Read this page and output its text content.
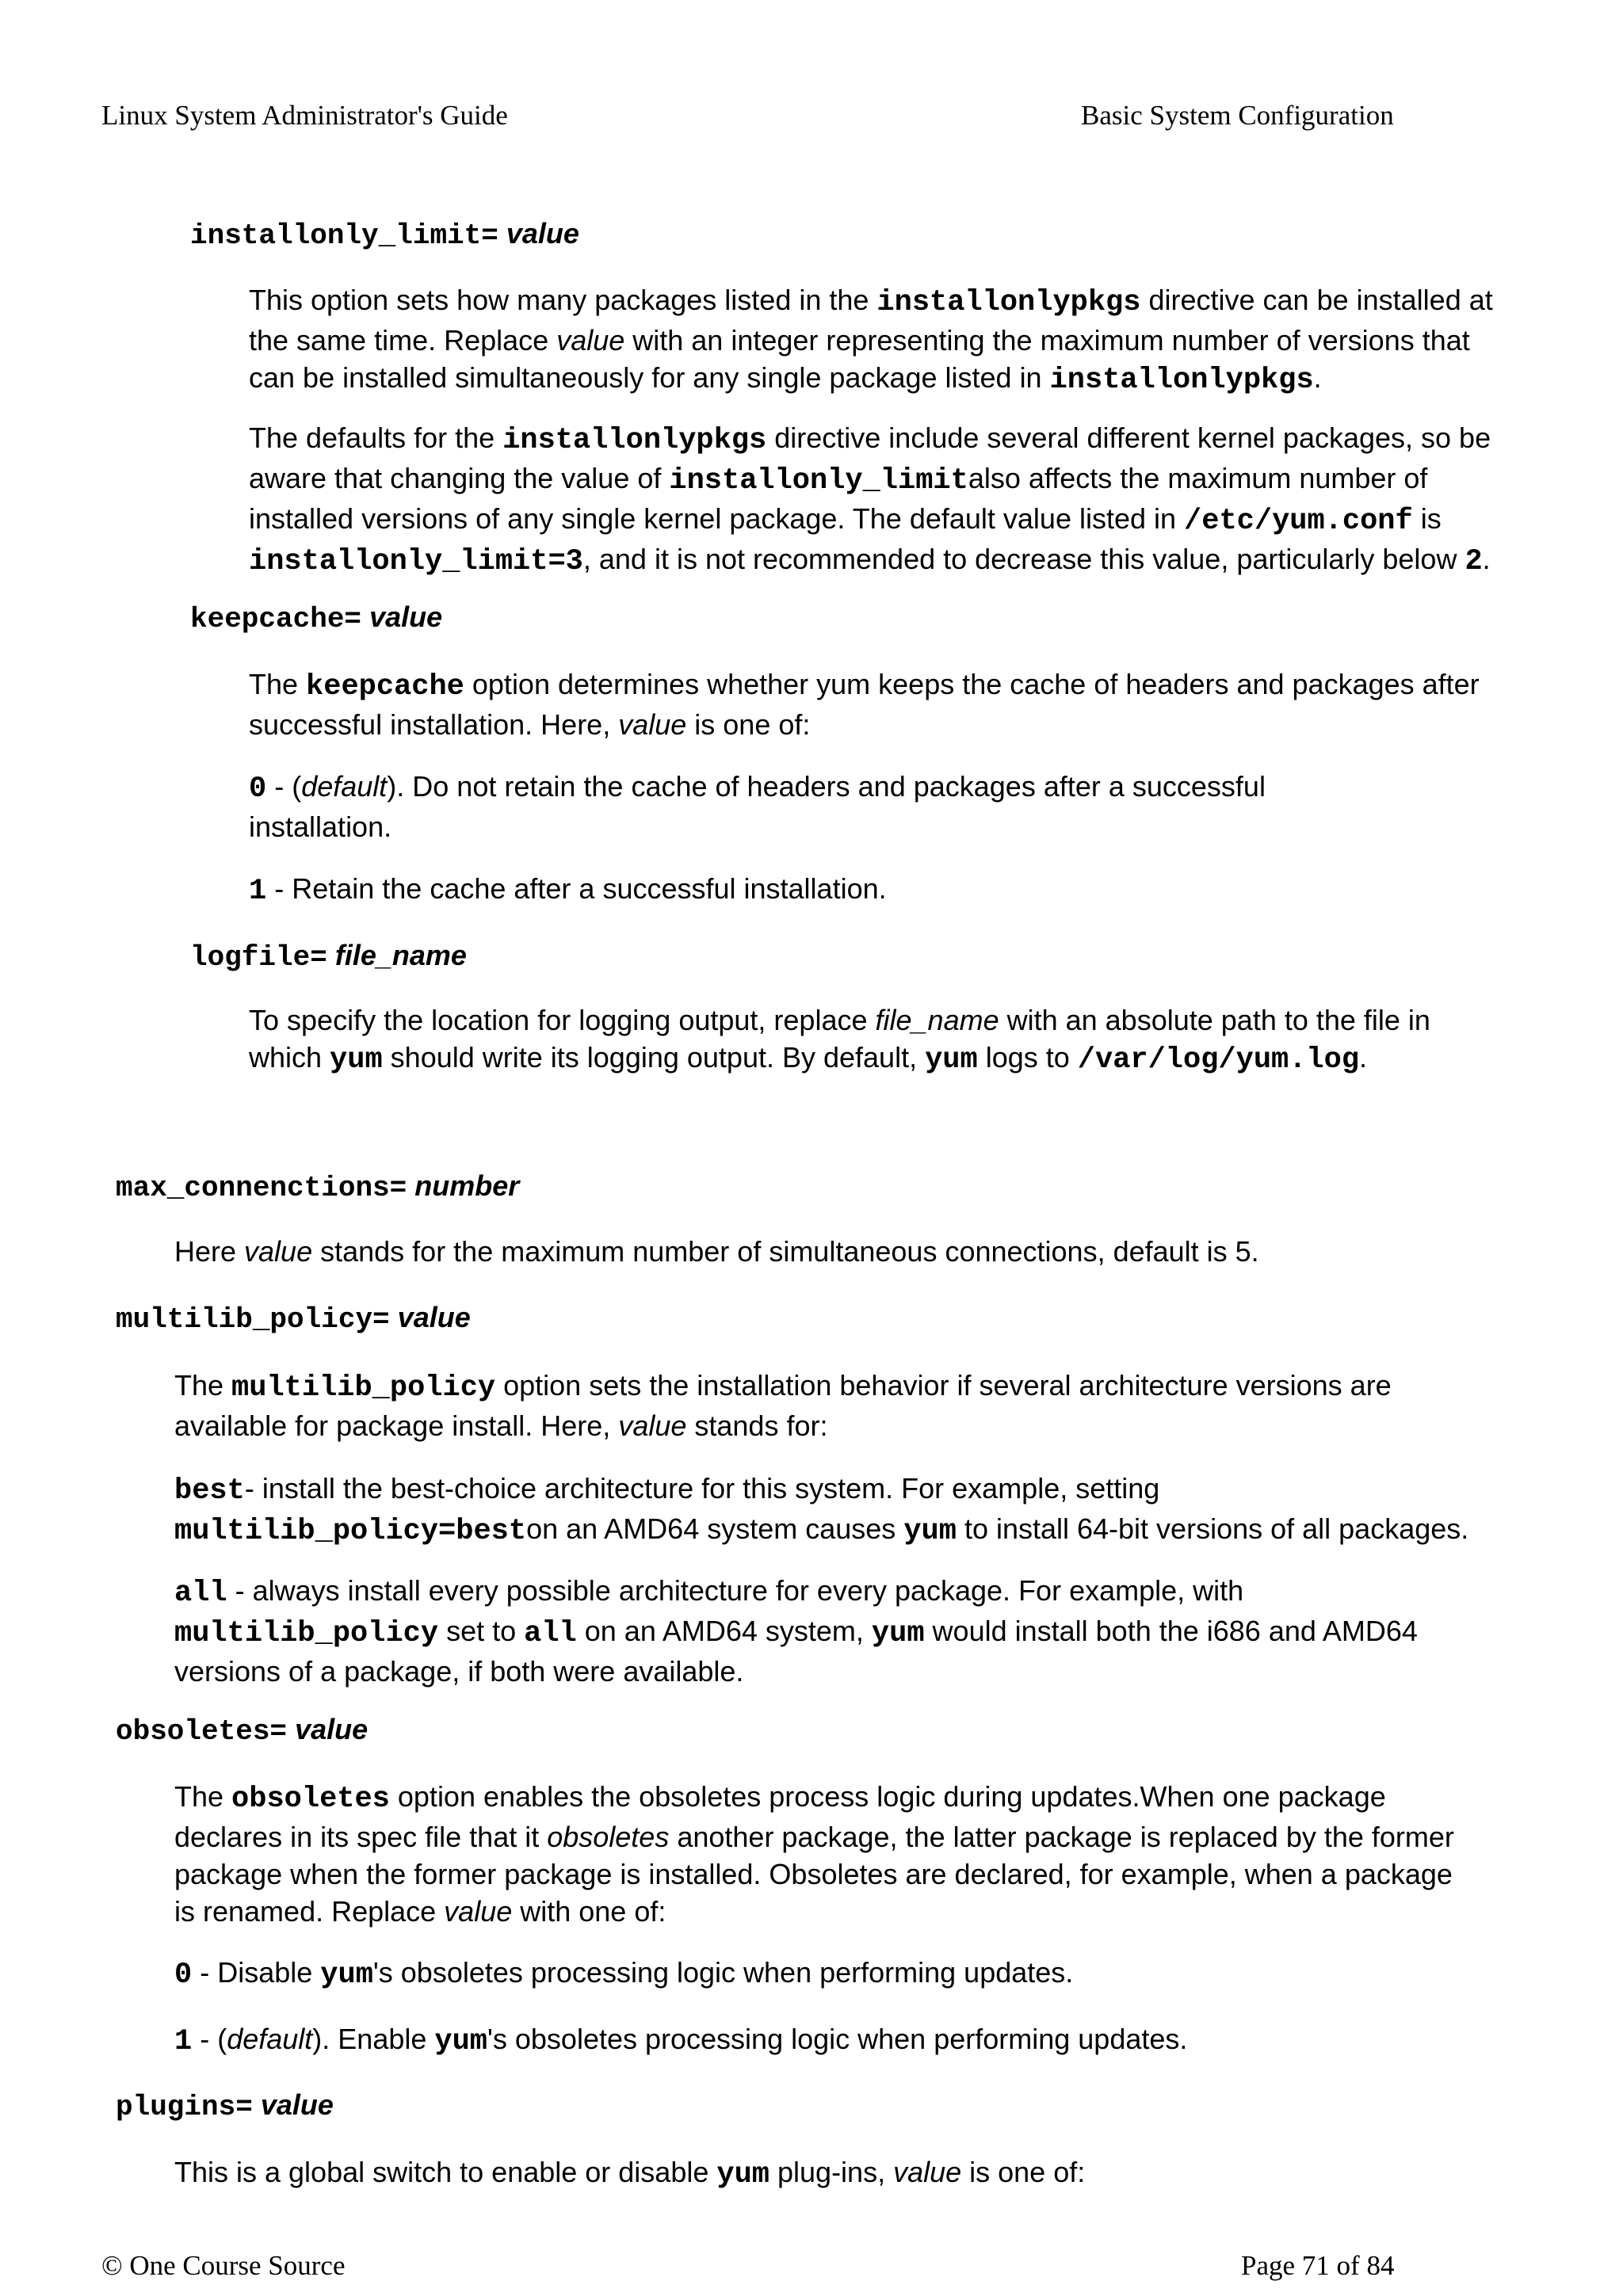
Linux System Administrator's Guide	Basic System Configuration
installonly_limit= value

This option sets how many packages listed in the installonlypkgs directive can be installed at the same time. Replace value with an integer representing the maximum number of versions that can be installed simultaneously for any single package listed in installonlypkgs.

The defaults for the installonlypkgs directive include several different kernel packages, so be aware that changing the value of installonly_limitalso affects the maximum number of installed versions of any single kernel package. The default value listed in /etc/yum.conf is installonly_limit=3, and it is not recommended to decrease this value, particularly below 2.

keepcache= value

The keepcache option determines whether yum keeps the cache of headers and packages after successful installation. Here, value is one of:

0 - (default). Do not retain the cache of headers and packages after a successful installation.

1 - Retain the cache after a successful installation.

logfile= file_name

To specify the location for logging output, replace file_name with an absolute path to the file in which yum should write its logging output. By default, yum logs to /var/log/yum.log.

max_connenctions= number

Here value stands for the maximum number of simultaneous connections, default is 5.

multilib_policy= value

The multilib_policy option sets the installation behavior if several architecture versions are available for package install. Here, value stands for:

best- install the best-choice architecture for this system. For example, setting multilib_policy=beston an AMD64 system causes yum to install 64-bit versions of all packages.

all - always install every possible architecture for every package. For example, with multilib_policy set to all on an AMD64 system, yum would install both the i686 and AMD64 versions of a package, if both were available.

obsoletes= value

The obsoletes option enables the obsoletes process logic during updates.When one package declares in its spec file that it obsoletes another package, the latter package is replaced by the former package when the former package is installed. Obsoletes are declared, for example, when a package is renamed. Replace value with one of:

0 - Disable yum's obsoletes processing logic when performing updates.

1 - (default). Enable yum's obsoletes processing logic when performing updates.

plugins= value

This is a global switch to enable or disable yum plug-ins, value is one of:

© One Course Source	Page 71 of 84
